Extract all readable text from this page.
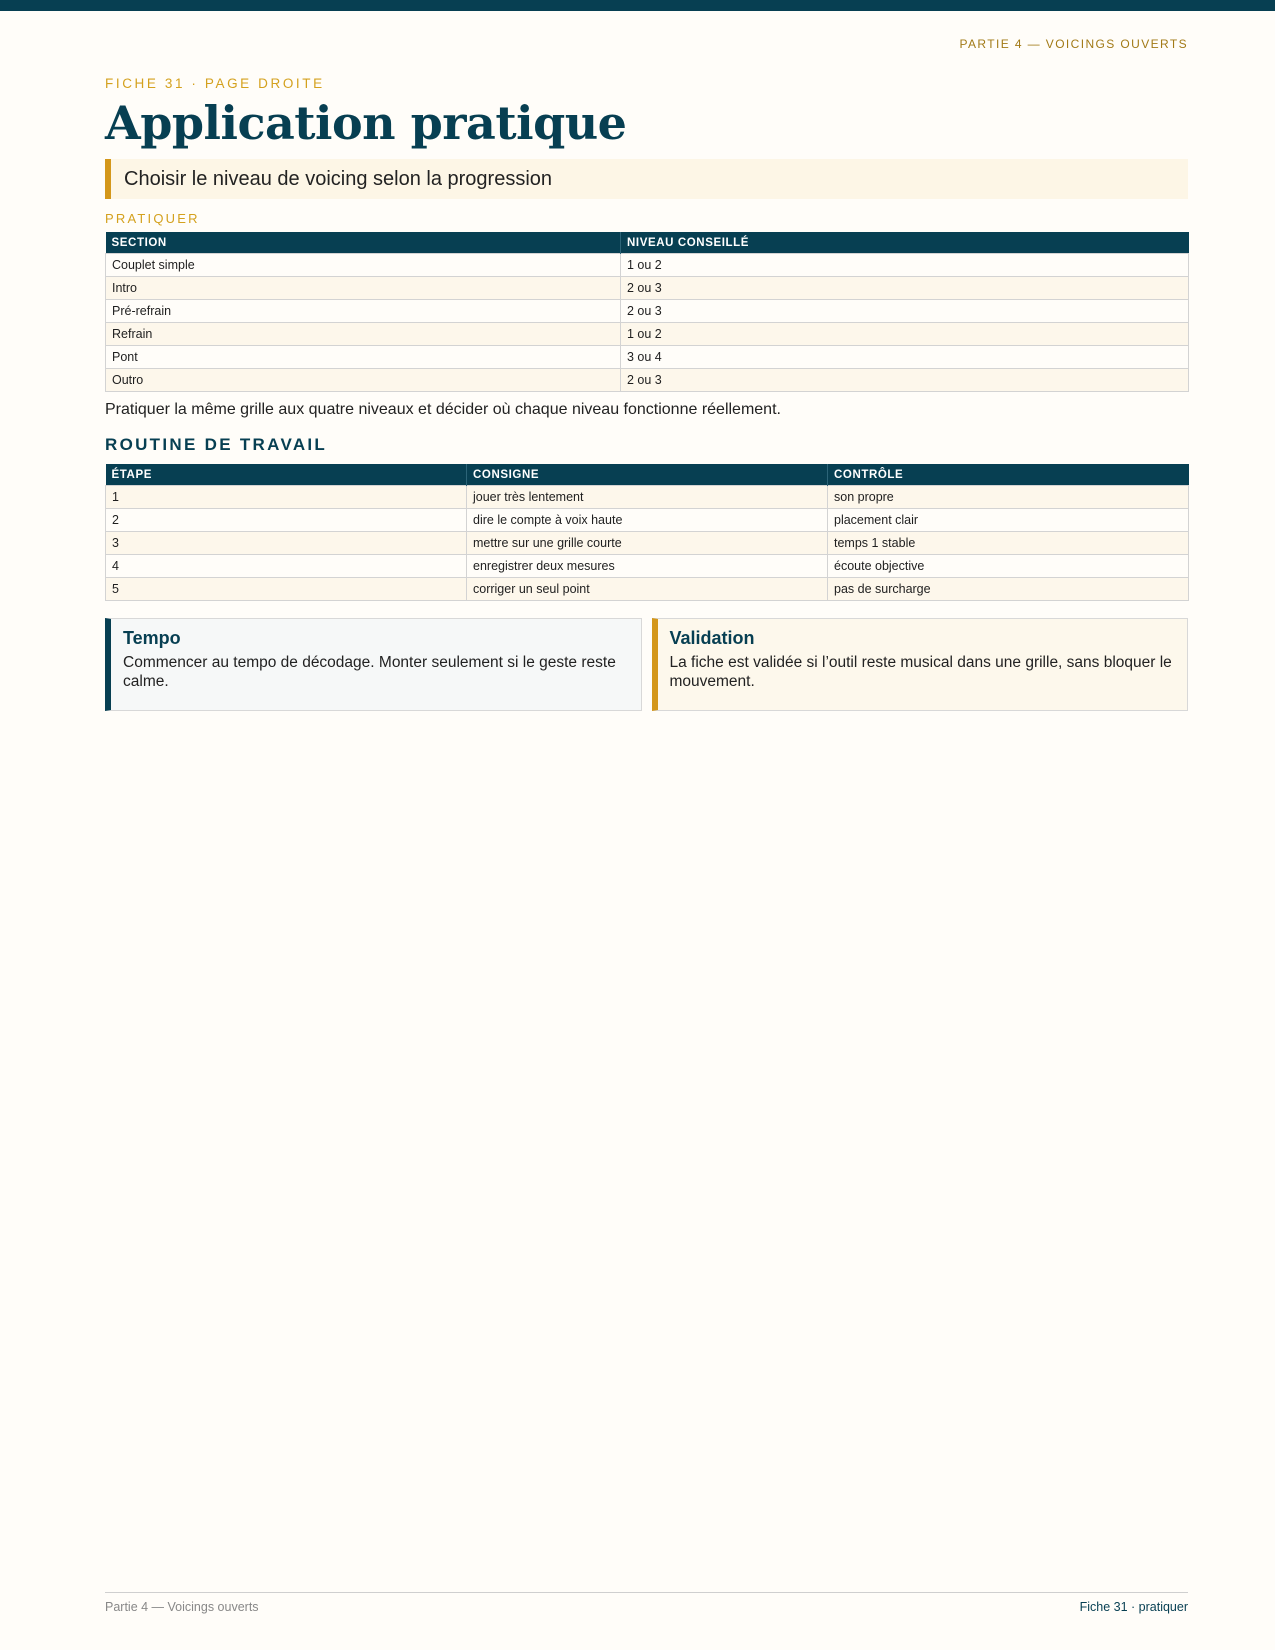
PARTIE 4 — VOICINGS OUVERTS
FICHE 31 · PAGE DROITE
Application pratique
Choisir le niveau de voicing selon la progression
PRATIQUER
SECTION	NIVEAU CONSEILLÉ
Couplet simple	1 ou 2
Intro	2 ou 3
Pré-refrain	2 ou 3
Refrain	1 ou 2
Pont	3 ou 4
Outro	2 ou 3
Pratiquer la même grille aux quatre niveaux et décider où chaque niveau fonctionne réellement.
ROUTINE DE TRAVAIL
ÉTAPE	CONSIGNE	CONTRÔLE
1	jouer très lentement	son propre
2	dire le compte à voix haute	placement clair
3	mettre sur une grille courte	temps 1 stable
4	enregistrer deux mesures	écoute objective
5	corriger un seul point	pas de surcharge
Tempo

Commencer au tempo de décodage. Monter seulement si le geste reste calme.

Validation

La fiche est validée si l’outil reste musical dans une grille, sans bloquer le mouvement.

Partie 4 — Voicings ouverts	Fiche 31 · pratiquer
